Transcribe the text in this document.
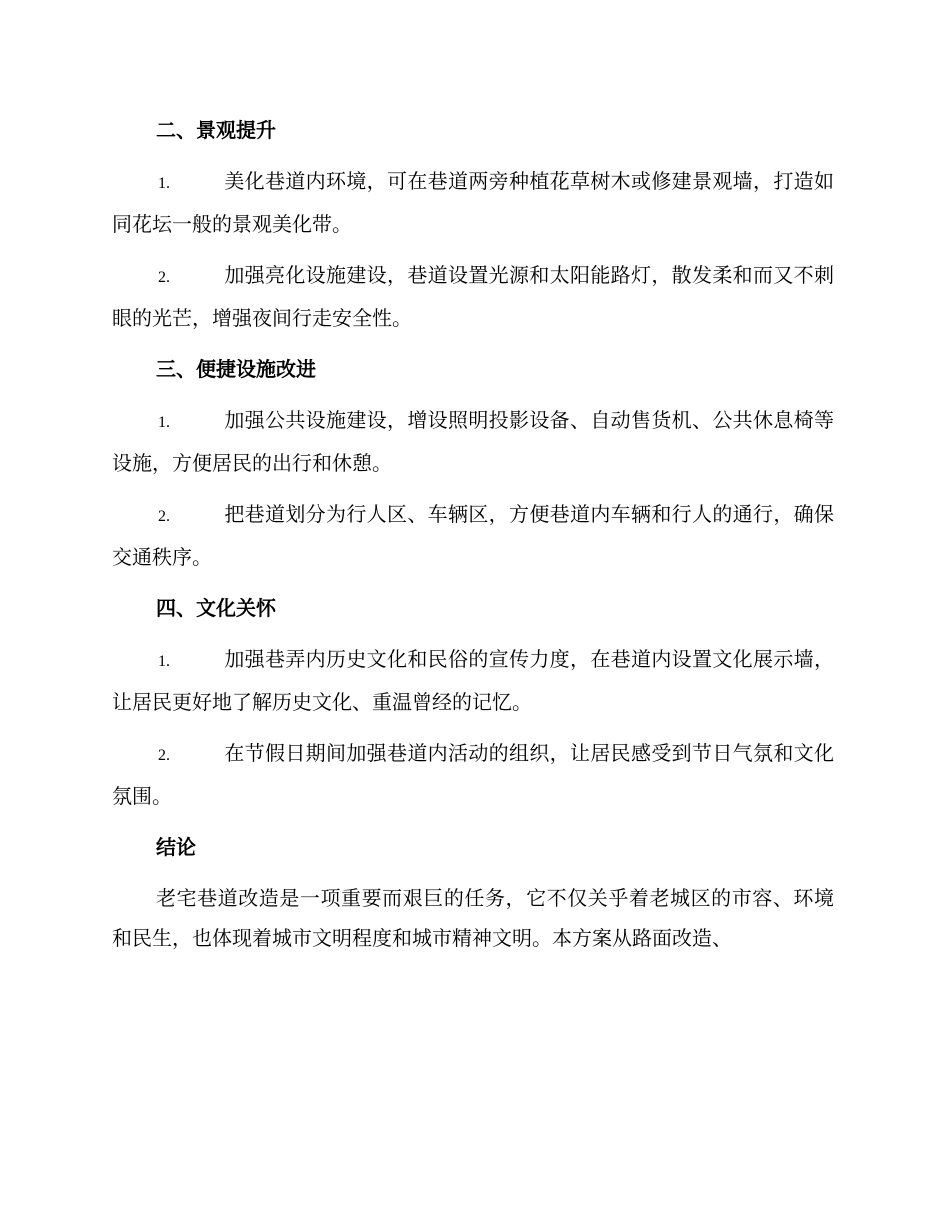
二、景观提升
1.	美化巷道内环境，可在巷道两旁种植花草树木或修建景观墙，打造如同花坛一般的景观美化带。
2.	加强亮化设施建设，巷道设置光源和太阳能路灯，散发柔和而又不刺眼的光芒，增强夜间行走安全性。
三、便捷设施改进
1.	加强公共设施建设，增设照明投影设备、自动售货机、公共休息椅等设施，方便居民的出行和休憩。
2.	把巷道划分为行人区、车辆区，方便巷道内车辆和行人的通行，确保交通秩序。
四、文化关怀
1.	加强巷弄内历史文化和民俗的宣传力度，在巷道内设置文化展示墙，让居民更好地了解历史文化、重温曾经的记忆。
2.	在节假日期间加强巷道内活动的组织，让居民感受到节日气氛和文化氛围。
结论

老宅巷道改造是一项重要而艰巨的任务，它不仅关乎着老城区的市容、环境和民生，也体现着城市文明程度和城市精神文明。本方案从路面改造、
